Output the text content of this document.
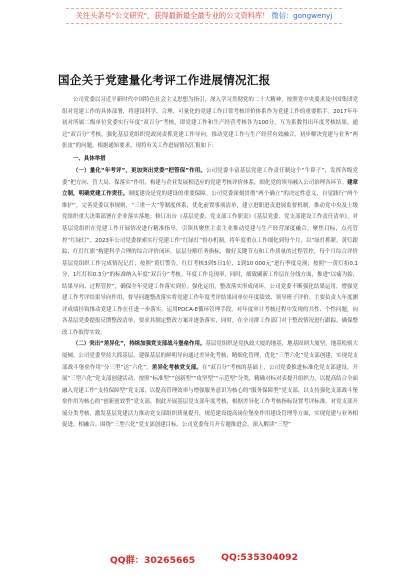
关注头条号"公文研究"，获得最新最全最专业的公文资料库！ 微信：gongwenyj
国企关于党建量化考评工作进展情况汇报

公司党委以习近平新时代中国特色社会主义思想为指引，深入学习贯彻党的二十大精神，按照党中央要求及中国集团党组对党建工作的具体部署，将建设科学、合理、可量化的党建工作日常考核评价体系作为党建工作的重要抓手。2017年年初对所属二级单位党委实行年度“双百分”考核，即党建工作和生产经营考核各为100分，互为系数得出年度考核结果。通过“双百分”考核，强化基层党组织党政同责抓党建工作导向，推动党建工作与生产经营有效融合，初步解决党建与业务“两张皮”的问题。根据通知要求，现将有关工作进展情况汇报如下：

一、具体举措

（一）量化“年考评”，更加突出党委“把管保”作用。公司党委丰富基层党建工作责任制这个“牛鼻子”，发挥各级党委“把方向、管大局、保落实”作用，构建与企业发展相适应的党建考核评价体系，细化党的领导融入公司治理各环节。建章立制，明确党建工作责任。制度建设是党的建设的重要保障。公司党委深刻贯彻“两个确立”的决定性意义，自觉践行“两个维护”，完善党委议事规则，“三重一大”等制度体系，优化前置事项清单，建立进职进责进展监督机制，推动党中央及上级党组织重大决策部署在企业落实落地；修订出台《基层党委、党支部工作职责》《基层党委、党支部建设工作责任清单》，对基层党组织在党建工作开展情况进行精准指导，引领其聚焦主责主业推动党建与生产经营深度融合。聚焦目标，点亮管控“红绿灯”。2023年公司党委探索实行党建工作“红绿灯”督办机制，将年度重点工作细化到每个月，以“绿灯抓紧、黄灯跟踪、红灯红旗”构建科学合理的综合评价闭环，层层分解任务指标，做好关键节点和工作质量的过程管控，每个月综合评价基层党组织工作完成情况记灯；按照“黄灯警告，红灯考核3到5日1位，1到10 000元”进行季度兑现；按照“一黄灯扣0.1分，1红灯扣0.3分”的标准纳入年度“双百分”考核。年度工作兑现率，同时，细致刷新工作层在分线方面，推进“以痛为始、结果导向、过程管控”，确保全年党建工作落实到位。强化运用，整改落实形成闭环。公司党委不断强化结果运用，增强党建工作考评结果导向作用，督导问题整改落实将党建工作年度考评结果同单位年度绩效、领导班子评价、主要负责人年度测评成绩挂钩推动党建工作在任进一步落实。运用PDCA-E循环管理手段，对年度审计考核过程中发现的共性、个性问题，向各基层党委提报反馈整改清单，要求其制定整改方案并逐条落实，同时，在全司群工作部门对于整改情况进行跟踪，确保整改工作取得实效。

（二）突出“差异化”，持续加强党支部战斗堡垒作用。基层党组织是党执政大厦的地基，地基固则大厦坚，地基松则大厦倾。公司党委坚持大抓基层、建强基层的鲜明导向通过差异化考核，精细化管理，优化“三型六化”党支部创建，实现党支部战斗堡垒作用“分三型”达“六化”，差异化考核党支部。在“双百分”考核的基础上，公司党委推进标准化党支部建设，开展“三型六化”党支部创建活动，按照“标准型”“创新型”“攻坚型”“示范型”分类，精确对标对表提升组织力，以提高结合全面融入党建工作“支持保障型”党支部，以提高管理效率与增强服务意识为核心的“服务保障型”党支部，以支持强化支部战斗堡垒作用为核心的“创新创效型”党支部。据此开展基层党支部年度考核，根据差异化工作考核指标设置考评标准。对党支部开展分类考核，激发基层党建活力推动党支部组织质量提升，规范建设提高岗位堡垒作用建设管理等方面，实现党建与业务相促进、相融合。围绕“三型六化”党支部创建目标，公司党委每月开专题推进会，深入解读“三型”

QQ群：30265665	QQ:535304092
